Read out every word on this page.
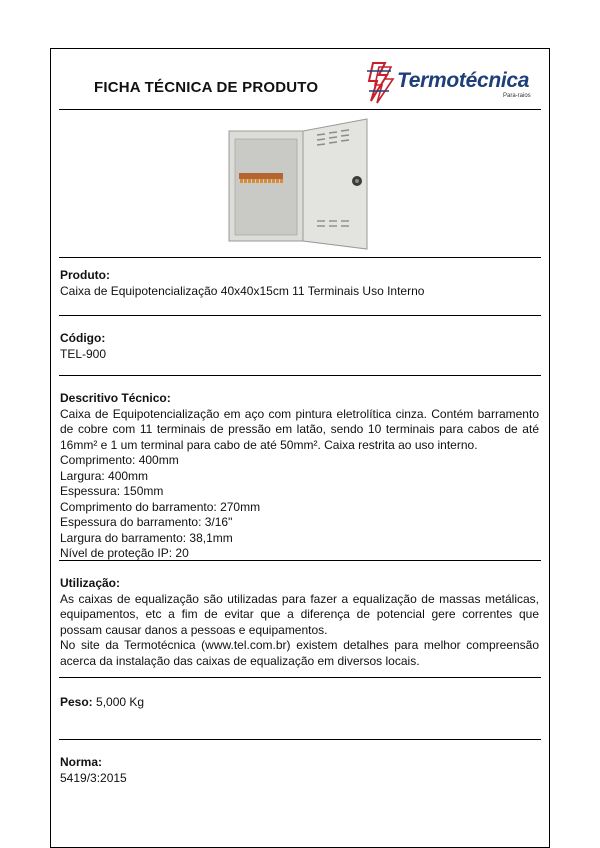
FICHA TÉCNICA DE PRODUTO	Termotécnica
Para-raios
Produto:
Caixa de Equipotencialização 40x40x15cm 11 Terminais Uso Interno
Código:
TEL-900
Descritivo Técnico:
Caixa de Equipotencialização em aço com pintura eletrolítica cinza. Contém barramento de cobre com 11 terminais de pressão em latão, sendo 10 terminais para cabos de até 16mm² e 1 um terminal para cabo de até 50mm². Caixa restrita ao uso interno.
Comprimento: 400mm
Largura: 400mm
Espessura: 150mm
Comprimento do barramento: 270mm
Espessura do barramento: 3/16"
Largura do barramento: 38,1mm
Nível de proteção IP: 20
Utilização:
As caixas de equalização são utilizadas para fazer a equalização de massas metálicas, equipamentos, etc a fim de evitar que a diferença de potencial gere correntes que possam causar danos a pessoas e equipamentos.
No site da Termotécnica (www.tel.com.br) existem detalhes para melhor compreensão acerca da instalação das caixas de equalização em diversos locais.
Peso: 5,000 Kg
Norma:
5419/3:2015
